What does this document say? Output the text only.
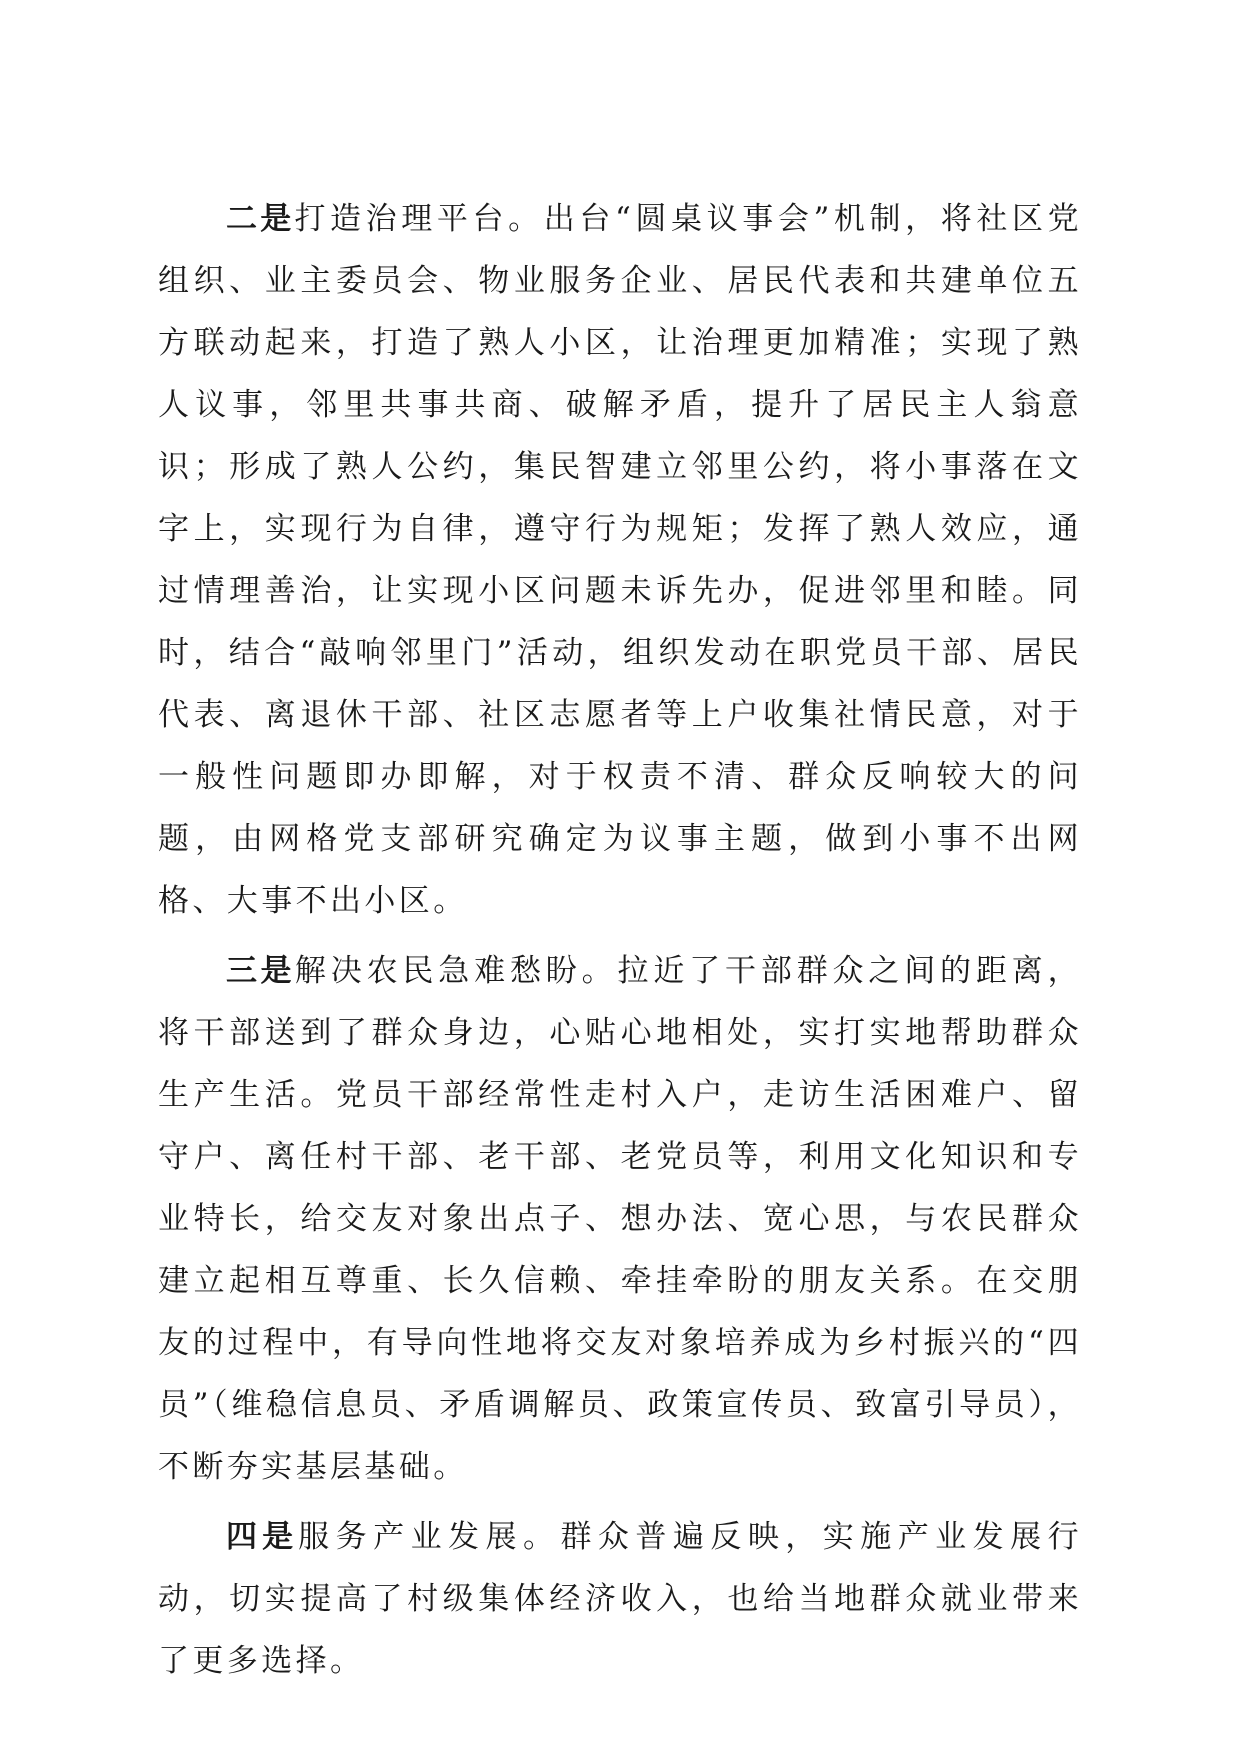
二是打造治理平台。出台“圆桌议事会”机制，将社区党组织、业主委员会、物业服务企业、居民代表和共建单位五方联动起来，打造了熟人小区，让治理更加精准；实现了熟人议事，邻里共事共商、破解矛盾，提升了居民主人翁意识；形成了熟人公约，集民智建立邻里公约，将小事落在文字上，实现行为自律，遵守行为规矩；发挥了熟人效应，通过情理善治，让实现小区问题未诉先办，促进邻里和睦。同时，结合“敲响邻里门”活动，组织发动在职党员干部、居民代表、离退休干部、社区志愿者等上户收集社情民意，对于一般性问题即办即解，对于权责不清、群众反响较大的问题，由网格党支部研究确定为议事主题，做到小事不出网格、大事不出小区。

三是解决农民急难愁盼。拉近了干部群众之间的距离，将干部送到了群众身边，心贴心地相处，实打实地帮助群众生产生活。党员干部经常性走村入户，走访生活困难户、留守户、离任村干部、老干部、老党员等，利用文化知识和专业特长，给交友对象出点子、想办法、宽心思，与农民群众建立起相互尊重、长久信赖、牵挂牵盼的朋友关系。在交朋友的过程中，有导向性地将交友对象培养成为乡村振兴的“四员”（维稳信息员、矛盾调解员、政策宣传员、致富引导员），不断夯实基层基础。

四是服务产业发展。群众普遍反映，实施产业发展行动，切实提高了村级集体经济收入，也给当地群众就业带来了更多选择。
